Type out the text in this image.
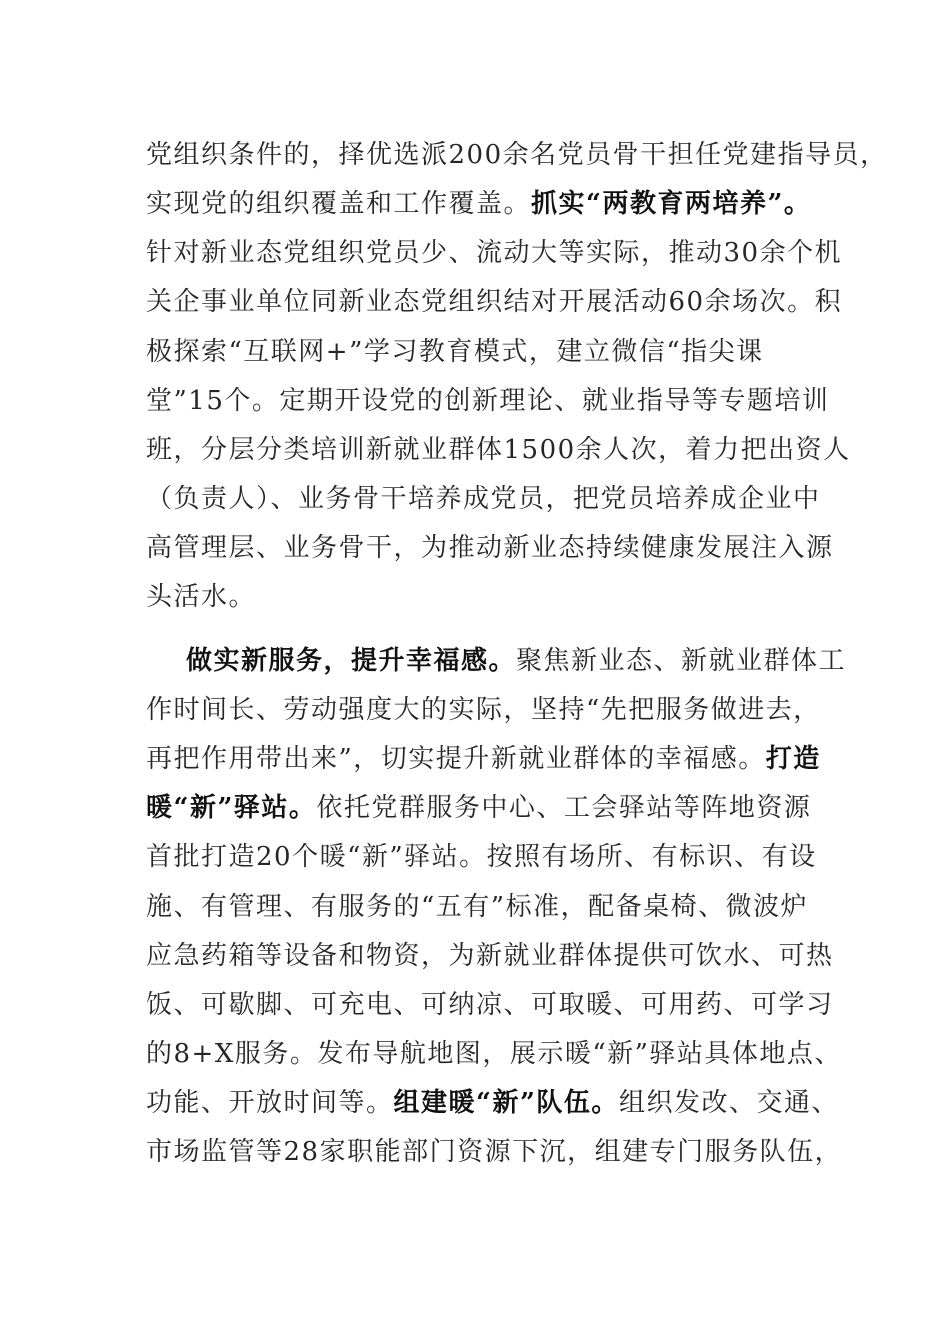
党组织条件的，择优选派200余名党员骨干担任党建指导员，
实现党的组织覆盖和工作覆盖。抓实“两教育两培养”。
针对新业态党组织党员少、流动大等实际，推动30余个机
关企事业单位同新业态党组织结对开展活动60余场次。积
极探索“互联网+”学习教育模式，建立微信“指尖课
堂”15个。定期开设党的创新理论、就业指导等专题培训
班，分层分类培训新就业群体1500余人次，着力把出资人
（负责人）、业务骨干培养成党员，把党员培养成企业中
高管理层、业务骨干，为推动新业态持续健康发展注入源
头活水。
做实新服务，提升幸福感。聚焦新业态、新就业群体工
作时间长、劳动强度大的实际，坚持“先把服务做进去，
再把作用带出来”，切实提升新就业群体的幸福感。打造
暖“新”驿站。依托党群服务中心、工会驿站等阵地资源
首批打造20个暖“新”驿站。按照有场所、有标识、有设
施、有管理、有服务的“五有”标准，配备桌椅、微波炉
应急药箱等设备和物资，为新就业群体提供可饮水、可热
饭、可歇脚、可充电、可纳凉、可取暖、可用药、可学习
的8+X服务。发布导航地图，展示暖“新”驿站具体地点、
功能、开放时间等。组建暖“新”队伍。组织发改、交通、
市场监管等28家职能部门资源下沉，组建专门服务队伍，
